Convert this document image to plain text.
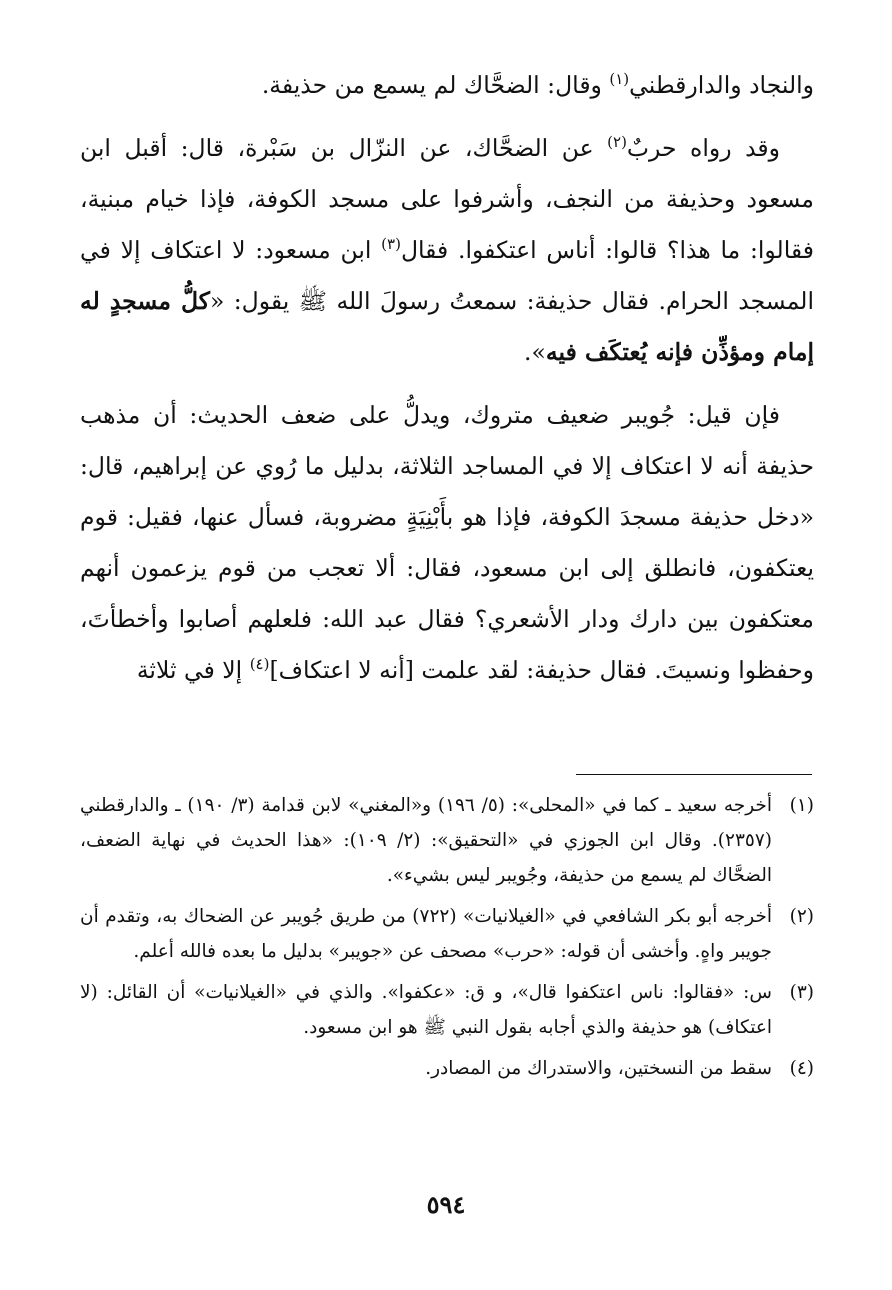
والنجاد والدارقطني$^{(١)}$ وقال: الضحَّاك لم يسمع من حذيفة.

وقد رواه حربٌ$^{(٢)}$ عن الضحَّاك، عن النزّال بن سَبْرة، قال: أقبل ابن مسعود وحذيفة من النجف، وأشرفوا على مسجد الكوفة، فإذا خيام مبنية، فقالوا: ما هذا؟ قالوا: أناس اعتكفوا. فقال$^{(٣)}$ ابن مسعود: لا اعتكاف إلا في المسجد الحرام. فقال حذيفة: سمعتُ رسولَ الله ﷺ يقول: «كلُّ مسجدٍ له إمام ومؤذِّن فإنه يُعتكَف فيه».

فإن قيل: جُويبر ضعيف متروك، ويدلُّ على ضعف الحديث: أن مذهب حذيفة أنه لا اعتكاف إلا في المساجد الثلاثة، بدليل ما رُوي عن إبراهيم، قال: «دخل حذيفة مسجدَ الكوفة، فإذا هو بأَبْنِيَةٍ مضروبة، فسأل عنها، فقيل: قوم يعتكفون، فانطلق إلى ابن مسعود، فقال: ألا تعجب من قوم يزعمون أنهم معتكفون بين دارك ودار الأشعري؟ فقال عبد الله: فلعلهم أصابوا وأخطأتَ، وحفظوا ونسيتَ. فقال حذيفة: لقد علمت [أنه لا اعتكاف]$^{(٤)}$ إلا في ثلاثة

(١)
أخرجه سعيد ـ كما في «المحلى»: (٥/ ١٩٦) و«المغني» لابن قدامة (٣/ ١٩٠) ـ والدارقطني (٢٣٥٧). وقال ابن الجوزي في «التحقيق»: (٢/ ١٠٩): «هذا الحديث في نهاية الضعف، الضحَّاك لم يسمع من حذيفة، وجُويبر ليس بشيء».
(٢)
أخرجه أبو بكر الشافعي في «الغيلانيات» (٧٢٢) من طريق جُويبر عن الضحاك به، وتقدم أن جويبر واهٍ. وأخشى أن قوله: «حرب» مصحف عن «جويبر» بدليل ما بعده فالله أعلم.
(٣)
س: «فقالوا: ناس اعتكفوا قال»، و ق: «عكفوا». والذي في «الغيلانيات» أن القائل: (لا اعتكاف) هو حذيفة والذي أجابه بقول النبي ﷺ هو ابن مسعود.
(٤)
سقط من النسختين، والاستدراك من المصادر.
٥٩٤
